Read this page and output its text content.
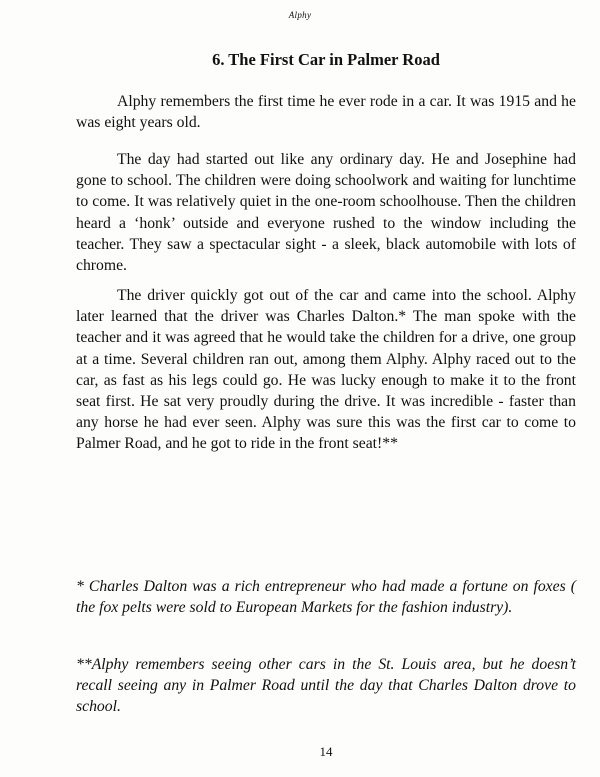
Alphy
6. The First Car in Palmer Road

Alphy remembers the first time he ever rode in a car. It was 1915 and he was eight years old.

The day had started out like any ordinary day. He and Josephine had gone to school. The children were doing schoolwork and waiting for lunchtime to come. It was relatively quiet in the one-room schoolhouse. Then the children heard a ‘honk’ outside and everyone rushed to the window including the teacher. They saw a spectacular sight - a sleek, black automobile with lots of chrome.

The driver quickly got out of the car and came into the school. Alphy later learned that the driver was Charles Dalton.* The man spoke with the teacher and it was agreed that he would take the children for a drive, one group at a time. Several children ran out, among them Alphy. Alphy raced out to the car, as fast as his legs could go. He was lucky enough to make it to the front seat first. He sat very proudly during the drive. It was incredible - faster than any horse he had ever seen. Alphy was sure this was the first car to come to Palmer Road, and he got to ride in the front seat!**

* Charles Dalton was a rich entrepreneur who had made a fortune on foxes ( the fox pelts were sold to European Markets for the fashion industry).

**Alphy remembers seeing other cars in the St. Louis area, but he doesn’t recall seeing any in Palmer Road until the day that Charles Dalton drove to school.

14
